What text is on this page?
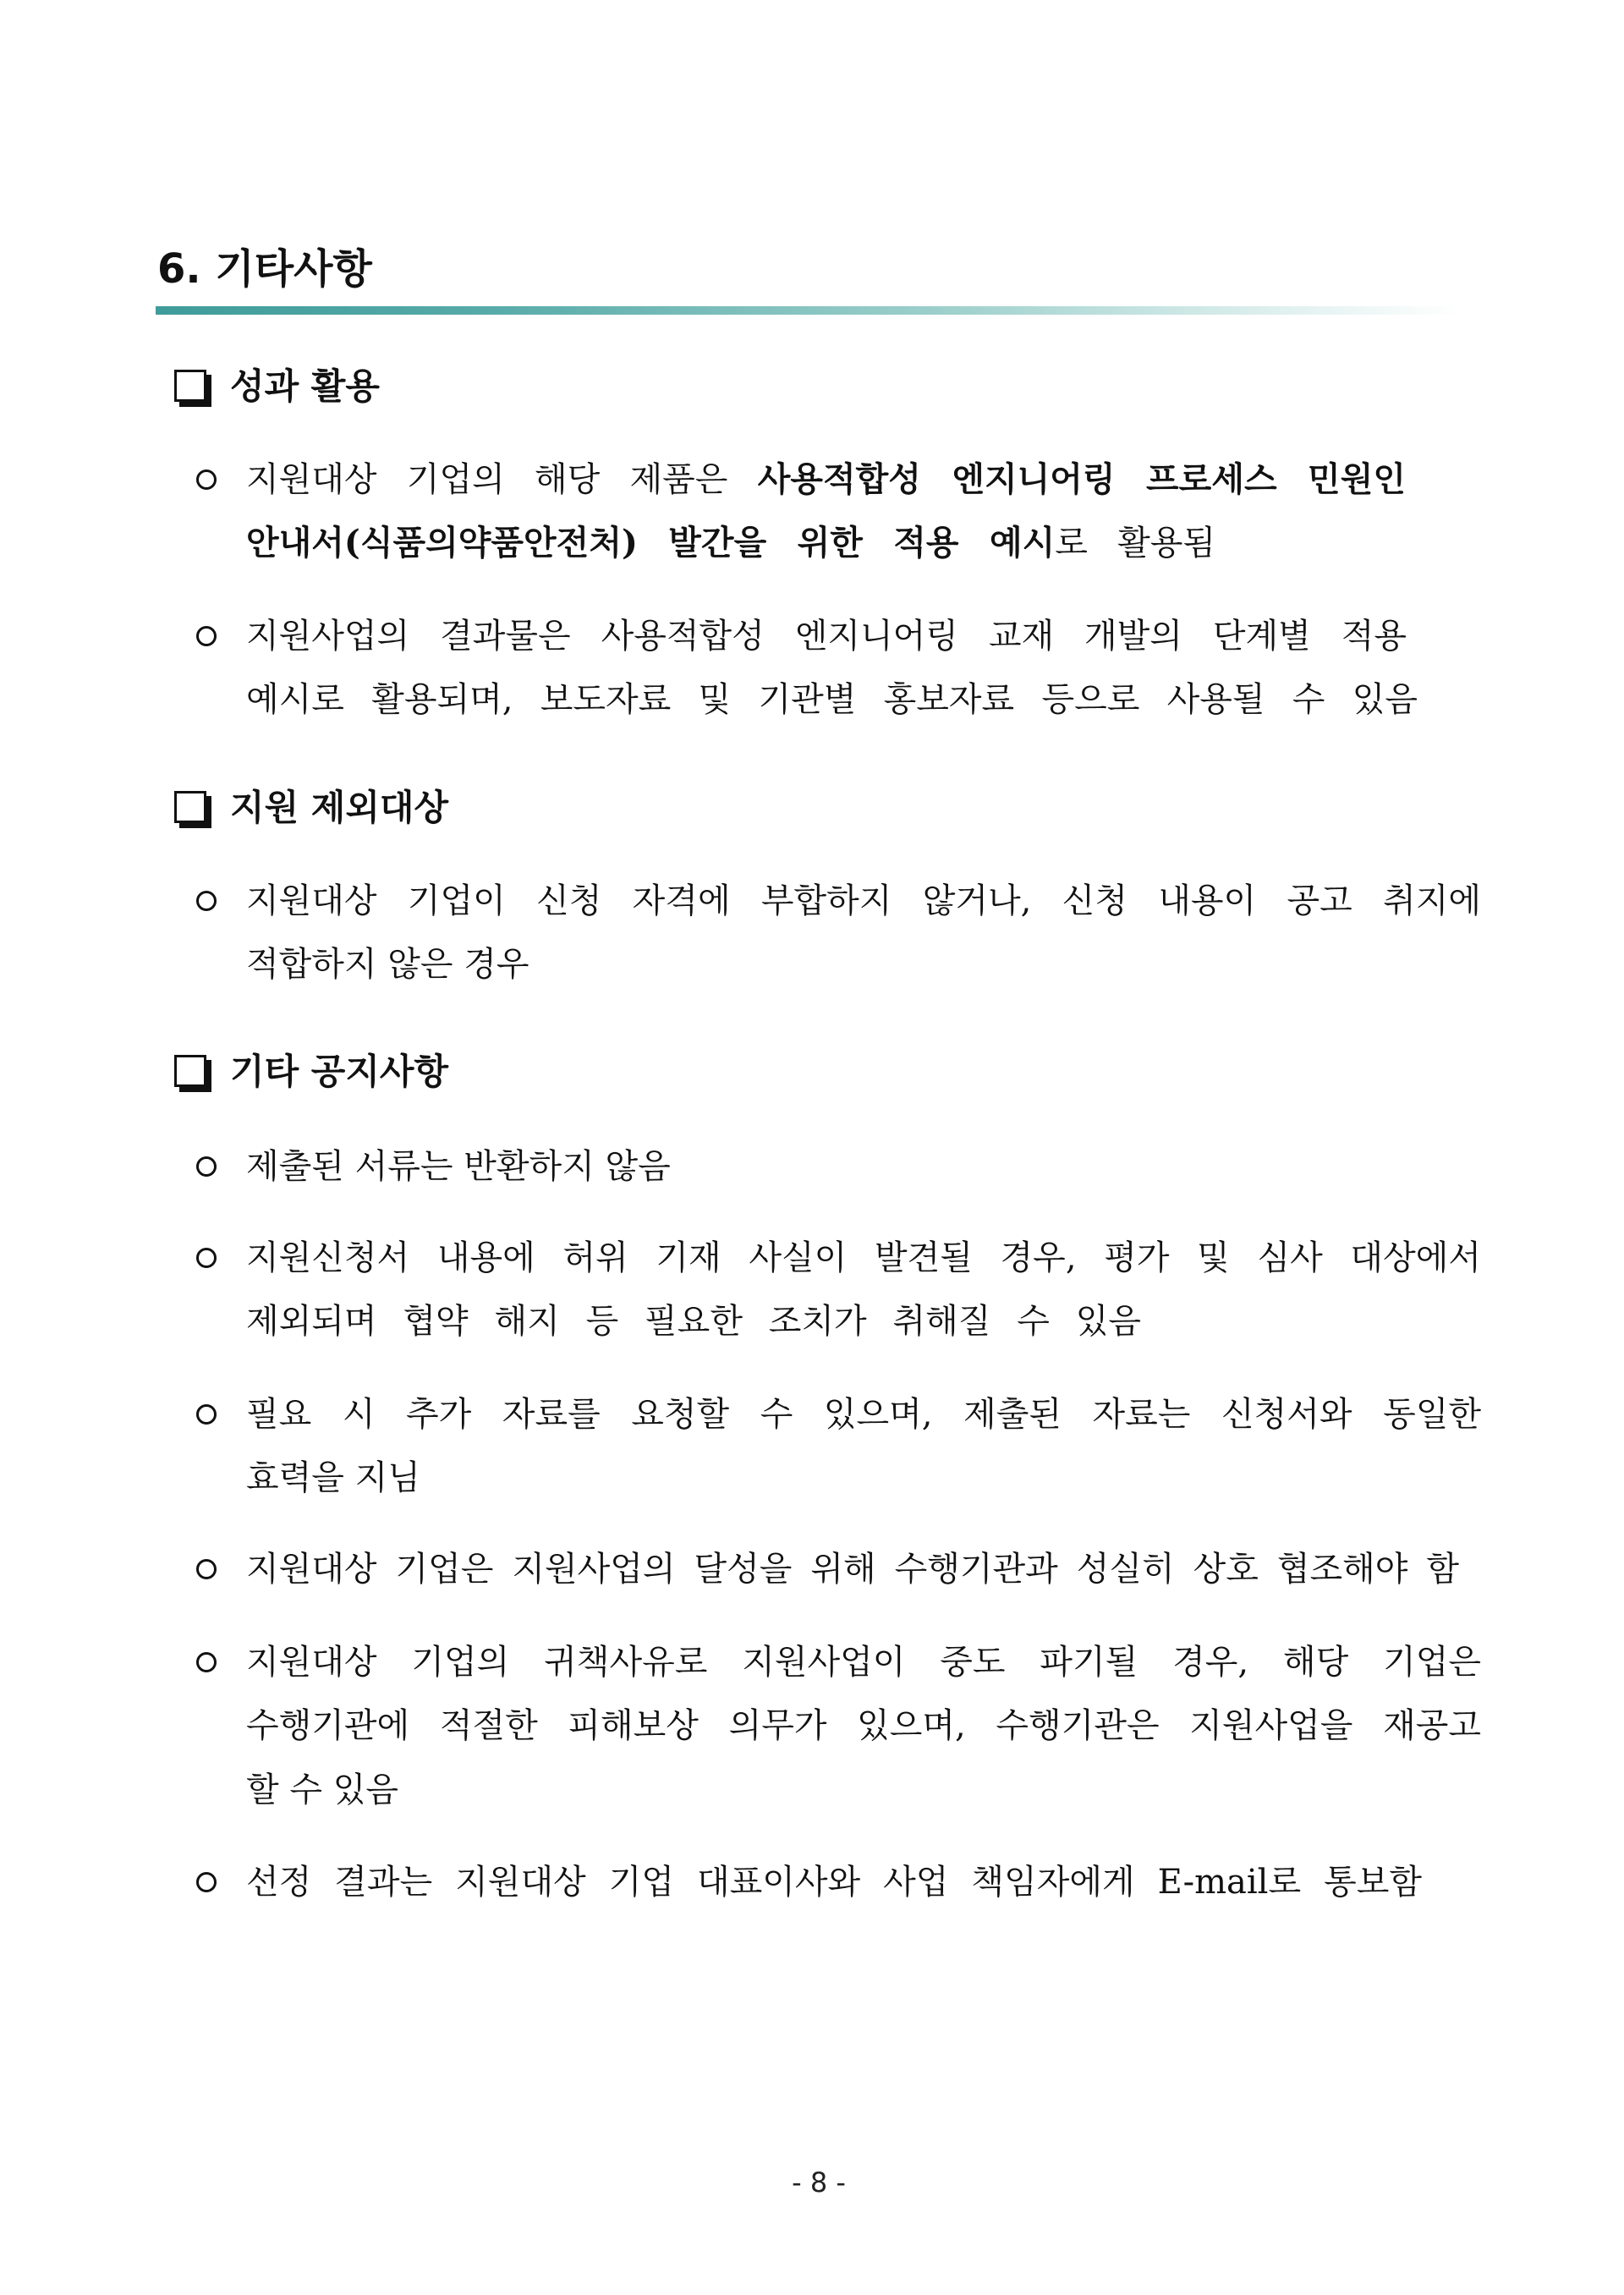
6. 기타사항
성과 활용
지원대상 기업의 해당 제품은 사용적합성 엔지니어링 프로세스 민원인
안내서(식품의약품안전처) 발간을 위한 적용 예시로 활용됨
지원사업의 결과물은 사용적합성 엔지니어링 교재 개발의 단계별 적용
예시로 활용되며, 보도자료 및 기관별 홍보자료 등으로 사용될 수 있음
지원 제외대상
지원대상 기업이 신청 자격에 부합하지 않거나, 신청 내용이 공고 취지에
적합하지 않은 경우
기타 공지사항
제출된 서류는 반환하지 않음
지원신청서 내용에 허위 기재 사실이 발견될 경우, 평가 및 심사 대상에서
제외되며 협약 해지 등 필요한 조치가 취해질 수 있음
필요 시 추가 자료를 요청할 수 있으며, 제출된 자료는 신청서와 동일한
효력을 지님
지원대상 기업은 지원사업의 달성을 위해 수행기관과 성실히 상호 협조해야 함
지원대상 기업의 귀책사유로 지원사업이 중도 파기될 경우, 해당 기업은
수행기관에 적절한 피해보상 의무가 있으며, 수행기관은 지원사업을 재공고
할 수 있음
선정 결과는 지원대상 기업 대표이사와 사업 책임자에게 E-mail로 통보함
- 8 -
